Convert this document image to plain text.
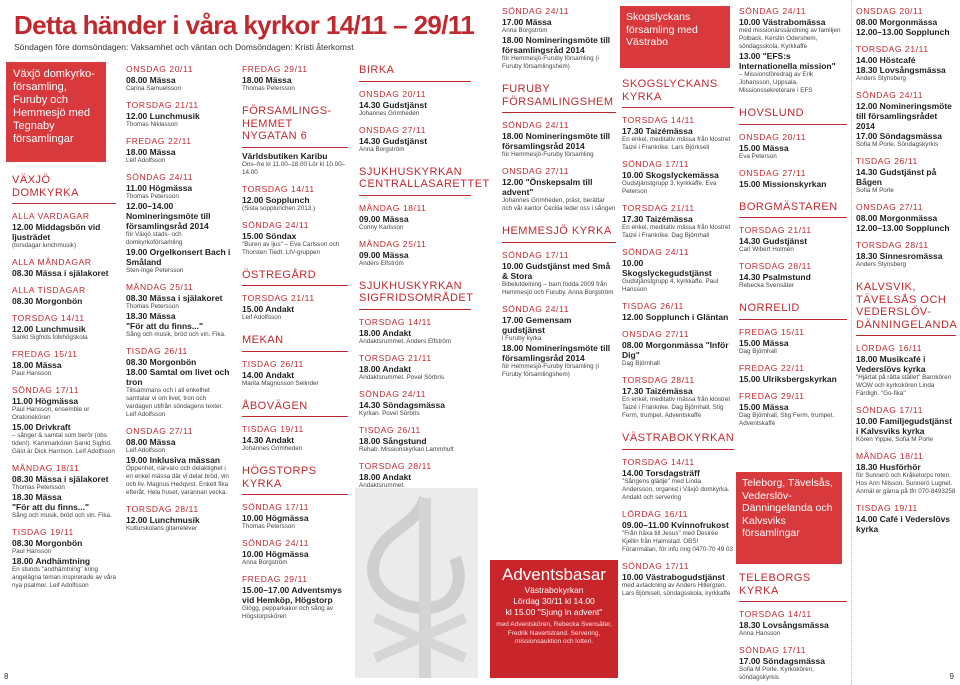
Detta händer i våra kyrkor 14/11 – 29/11
Söndagen före domsöndagen: Vaksamhet och väntan och Domsöndagen: Kristi återkomst
Växjö domkyrkoförsamling, Furuby och Hemmesjö med Tegnaby församlingar
VÄXJÖ DOMKYRKA
ALLA VARDAGAR
12.00 Middagsbön vid ljusträdet
(torsdagar lunchmusik)
ALLA MÅNDAGAR
08.30 Mässa i själakoret
ALLA TISDAGAR
08.30 Morgonbön
TORSDAG 14/11
12.00 Lunchmusik
Sankt Sigfrids folkhögskola
FREDAG 15/11
18.00 Mässa
Paul Hansson
SÖNDAG 17/11
11.00 Högmässa
Paul Hansson, ensemble ur Oratoriekören
15.00 Drivkraft
– sånger & samtal som berör (obs tiden!). Kammarkören Sankt Sigfrid. Gäst är Dick Harrison. Leif Adolfsson
MÅNDAG 18/11
08.30 Mässa i själakoret
Thomas Petersson
18.30 Mässa
"För att du finns..."
Sång och musik, bröd och vin. Fika.
TISDAG 19/11
08.30 Morgonbön
Paul Hansson
18.00 Andhämtning
En stunds "andhämtning" kring angelägna teman inspirerade av våra nya psalmer. Leif Adolfsson
ONSDAG 20/11
08.00 Mässa
Carina Samuelsson
TORSDAG 21/11
12.00 Lunchmusik
Thomas Niklasson
FREDAG 22/11
18.00 Mässa
Leif Adolfsson
SÖNDAG 24/11
11.00 Högmässa
Thomas Petersson
12.00–14.00 Nomineringsmöte till församlingsråd 2014
för Växjö stads- och domkyrkoförsamling
19.00 Orgelkonsert Bach i Småland
Sten-Inge Petersson
MÅNDAG 25/11
08.30 Mässa i själakoret
Thomas Petersson
18.30 Mässa
"För att du finns..."
Sång och musik, bröd och vin. Fika.
TISDAG 26/11
08.30 Morgonbön
18.00 Samtal om livet och tron
Tillsammans och i all enkelhet samtalar vi om livet, tron och vardagen utifrån söndagens texter. Leif Adolfsson
ONSDAG 27/11
08.00 Mässa
Leif Adolfsson
19.00 Inklusiva mässan
Öppenhet, närvaro och delaktighet i en enkel mässa där vi delar bröd, vin och liv. Magnus Hedqvist. Enkelt fika efteråt. Hela huset, varannan vecka.
TORSDAG 28/11
12.00 Lunchmusik
Kulturskolans gitarrelever
FREDAG 29/11
18.00 Mässa
Thomas Petersson
FÖRSAMLINGSHEMMET NYGATAN 6
Världsbutiken Karibu
Ons–fre kl 11.00–18.00 Lör kl 10.00–14.00
TORSDAG 14/11
12.00 Sopplunch
(Sista sopplunchen 2013.)
SÖNDAG 24/11
15.00 Söndax
"Buren av ljus" – Eva Carlsson och Thorsten Tiedt. LIV-gruppen
ÖSTREGÅRD
TORSDAG 21/11
15.00 Andakt
Leif Adolfsson
MEKAN
TISDAG 26/11
14.00 Andakt
Marita Magnusson Selinder
ÅBOVÄGEN
TISDAG 19/11
14.30 Andakt
Johannes Grimheden
HÖGSTORPS KYRKA
SÖNDAG 17/11
10.00 Högmässa
Thomas Petersson
SÖNDAG 24/11
10.00 Högmässa
Anna Borgström
FREDAG 29/11
15.00–17.00 Adventsmys vid Hemköp, Högstorp
Glögg, pepparkakor och sång av Högstorpskören
BIRKA
ONSDAG 20/11
14.30 Gudstjänst
Johannes Grimheden
ONSDAG 27/11
14.30 Gudstjänst
Anna Borgström
SJUKHUSKYRKAN CENTRALLASARETTET
MÅNDAG 18/11
09.00 Mässa
Conny Karlsson
MÅNDAG 25/11
09.00 Mässa
Anders Elfström
SJUKHUSKYRKAN SIGFRIDSOMRÅDET
TORSDAG 14/11
18.00 Andakt
Andaktsrummet. Anders Elfström
TORSDAG 21/11
18.00 Andakt
Andaktsrummet. Povel Sörbris
SÖNDAG 24/11
14.30 Söndagsmässa
Kyrkan. Povel Sörbris
TISDAG 26/11
18.00 Sångstund
Rehab. Missionskyrkan Lammhult
TORSDAG 28/11
18.00 Andakt
Andaktsrummet.
8
SÖNDAG 24/11
17.00 Mässa
Anna Borgström
18.00 Nomineringsmöte till församlingsråd 2014
för Hemmesjö-Furuby församling (i Furuby församlingshem)
FURUBY FÖRSAMLINGSHEM
SÖNDAG 24/11
18.00 Nomineringsmöte till församlingsråd 2014
för Hemmesjö-Furuby församling
ONSDAG 27/11
12.00 "Önskepsalm till advent"
Johannes Grimheden, präst, berättar och vår kantor Cecilia leder oss i sången
HEMMESJÖ KYRKA
SÖNDAG 17/11
10.00 Gudstjänst med Små & Stora
Bibelutdelning – barn födda 2009 från Hemmesjö och Furuby. Anna Borgström
SÖNDAG 24/11
17.00 Gemensam gudstjänst
i Furuby kyrka
18.00 Nomineringsmöte till församlingsråd 2014
för Hemmesjö-Furuby församling (i Furuby församlingshem)
Adventsbasar
Västrabokyrkan
Lördag 30/11 kl 14.00
kl 15.00 "Sjung in advent"
med Adventskören, Rebecka Svensäter, Fredrik Navertstrand. Servering, missionsauktion och lotteri.
Skogslyckans församling med Västrabo
SKOGSLYCKANS KYRKA
TORSDAG 14/11
17.30 Taizémässa
En enkel, meditativ mässa från klostret Taizé i Frankrike. Lars Björksell
SÖNDAG 17/11
10.00 Skogslyckemässa
Gudstjänstgrupp 3, kyrkkaffe. Eva Peterson
TORSDAG 21/11
17.30 Taizémässa
En enkel, meditativ mässa från klostret Taizé i Frankrike. Dag Björnhall
SÖNDAG 24/11
10.00 Skogslyckegudstjänst
Gudstjänstgrupp 4, kyrkkaffe. Paul Hansson
TISDAG 26/11
12.00 Sopplunch i Gläntan
ONSDAG 27/11
08.00 Morgonmässa "Inför Dig"
Dag Björnhall
TORSDAG 28/11
17.30 Taizémässa
En enkel, meditativ mässa från klostret Taizé i Frankrike. Dag Björnhall, Stig Ferm, trumpet. Adventskaffe
VÄSTRABOKYRKAN
TORSDAG 14/11
14.00 Torsdagsträff
"Sångens glädje" med Linda Andersson, organist i Växjö domkyrka. Andakt och servering
LÖRDAG 16/11
09.00–11.00 Kvinnofrukost
"Från häxa till Jesus" med Desirée Kjellin från Halmstad. OBS! Föranmälan, för info ring 0470-70 49 03
SÖNDAG 17/11
10.00 Västrabogudstjänst
med avtackning av Anders Hillergren. Lars Björksell, söndagsskola, kyrkkaffe
SÖNDAG 24/11
10.00 Västrabomässa
med missionärssändning av familjen Polback. Kerstin Odershem, söndagsskola. Kyrkkaffe
13.00 "EFS:s Internationella mission"
– Missionsföredrag av Erik Johansson, Uppsala, Missionssekreterare i EFS
HOVSLUND
ONSDAG 20/11
15.00 Mässa
Eva Peterson
ONSDAG 27/11
15.00 Missionskyrkan
BORGMÄSTAREN
TORSDAG 21/11
14.30 Gudstjänst
Carl Wibert Holmén
TORSDAG 28/11
14.30 Psalmstund
Rebecka Svensäter
NORRELID
FREDAG 15/11
15.00 Mässa
Dag Björnhall
FREDAG 22/11
15.00 Ulriksbergskyrkan
FREDAG 29/11
15.00 Mässa
Dag Björnhall, Stig Ferm, trumpet. Adventskaffe
Teleborg, Tävelsås, Vederslöv-Dänningelanda och Kalvsviks församlingar
TELEBORGS KYRKA
TORSDAG 14/11
18.30 Lovsångsmässa
Anna Hansson
SÖNDAG 17/11
17.00 Söndagsmässa
Sofia M Porle. Kyrkokören, söndagskyrkis
ONSDAG 20/11
08.00 Morgonmässa
12.00–13.00 Sopplunch
TORSDAG 21/11
14.00 Höstcafé
18.30 Lovsångsmässa
Anders Stynsberg
SÖNDAG 24/11
12.00 Nomineringsmöte till församlingsrådet 2014
17.00 Söndagsmässa
Sofia M Porle, Söndagskyrkis
TISDAG 26/11
14.30 Gudstjänst på Bågen
Sofia M Porle
ONSDAG 27/11
08.00 Morgonmässa
12.00–13.00 Sopplunch
TORSDAG 28/11
18.30 Sinnesromässa
Anders Stynsberg
KALVSVIK, TÄVELSÅS OCH VEDERSLÖV-DÄNNINGELANDA
LÖRDAG 16/11
18.00 Musikcafé i Vederslövs kyrka
"Hjärtat på rätta stället" Barnkören WOW och kyrkokören Linda Färdigh. "Go-fika"
SÖNDAG 17/11
10.00 Familjegudstjänst i Kalvsviks kyrka
Kören Yippie, Sofia M Porle
MÅNDAG 18/11
18.30 Husförhör
för Sunnerö och Kråketorps roten. Hos Ann Nilsson, Sunnerö Lugnet. Anmäl er gärna på tfn 070-8493258
TISDAG 19/11
14.00 Café i Vederslövs kyrka
9
